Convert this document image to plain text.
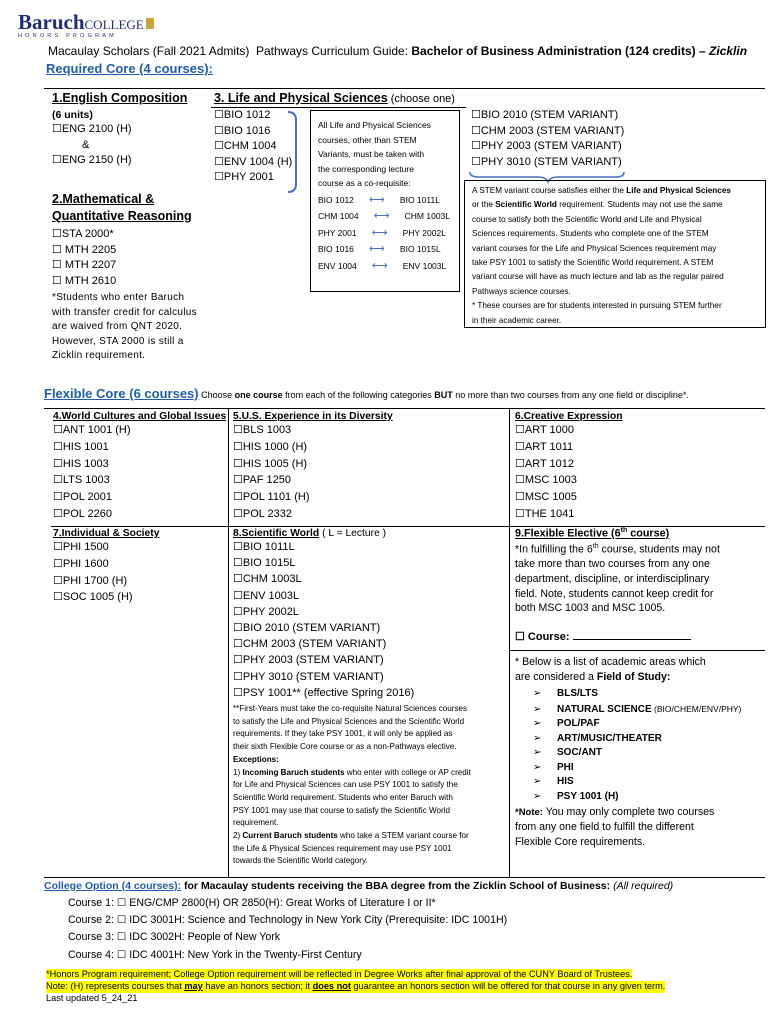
BaruchCOLLEGE
HONORS PROGRAM
Macaulay Scholars (Fall 2021 Admits) Pathways Curriculum Guide: Bachelor of Business Administration (124 credits) – Zicklin
Required Core (4 courses):
1.English Composition
(6 units)
☐ENG 2100 (H)
&
☐ENG 2150 (H)
2.Mathematical &
Quantitative Reasoning
☐STA 2000*
☐ MTH 2205
☐ MTH 2207
☐ MTH 2610
*Students who enter Baruch
with transfer credit for calculus
are waived from QNT 2020.
However, STA 2000 is still a
Zicklin requirement.
3. Life and Physical Sciences (choose one)
☐BIO 1012
☐BIO 1016
☐CHM 1004
☐ENV 1004 (H)
☐PHY 2001
All Life and Physical Sciences
courses, other than STEM
Variants, must be taken with
the corresponding lecture
course as a co-requisite:
BIO 1012 ⟷ BIO 1011L
CHM 1004 ⟷ CHM 1003L
PHY 2001 ⟷ PHY 2002L
BIO 1016 ⟷ BIO 1015L
ENV 1004 ⟷ ENV 1003L
☐BIO 2010 (STEM VARIANT)
☐CHM 2003 (STEM VARIANT)
☐PHY 2003 (STEM VARIANT)
☐PHY 3010 (STEM VARIANT)
A STEM variant course satisfies either the Life and Physical Sciences
or the Scientific World requirement. Students may not use the same
course to satisfy both the Scientific World and Life and Physical
Sciences requirements. Students who complete one of the STEM
variant courses for the Life and Physical Sciences requirement may
take PSY 1001 to satisfy the Scientific World requirement. A STEM
variant course will have as much lecture and lab as the regular paired
Pathways science courses.
* These courses are for students interested in pursuing STEM further
in their academic career.
Flexible Core (6 courses) Choose one course from each of the following categories BUT no more than two courses from any one field or discipline*.
4.World Cultures and Global Issues
☐ANT 1001 (H)
☐HIS 1001
☐HIS 1003
☐LTS 1003
☐POL 2001
☐POL 2260
5.U.S. Experience in its Diversity
☐BLS 1003
☐HIS 1000 (H)
☐HIS 1005 (H)
☐PAF 1250
☐POL 1101 (H)
☐POL 2332
6.Creative Expression
☐ART 1000
☐ART 1011
☐ART 1012
☐MSC 1003
☐MSC 1005
☐THE 1041
7.Individual & Society
☐PHI 1500
☐PHI 1600
☐PHI 1700 (H)
☐SOC 1005 (H)
8.Scientific World ( L = Lecture )
☐BIO 1011L
☐BIO 1015L
☐CHM 1003L
☐ENV 1003L
☐PHY 2002L
☐BIO 2010 (STEM VARIANT)
☐CHM 2003 (STEM VARIANT)
☐PHY 2003 (STEM VARIANT)
☐PHY 3010 (STEM VARIANT)
☐PSY 1001** (effective Spring 2016)
**First-Years must take the co-requisite Natural Sciences courses
to satisfy the Life and Physical Sciences and the Scientific World
requirements. If they take PSY 1001, it will only be applied as
their sixth Flexible Core course or as a non-Pathways elective.
Exceptions:
1) Incoming Baruch students who enter with college or AP credit
for Life and Physical Sciences can use PSY 1001 to satisfy the
Scientific World requirement. Students who enter Baruch with
PSY 1001 may use that course to satisfy the Scientific World
requirement.
2) Current Baruch students who take a STEM variant course for
the Life & Physical Sciences requirement may use PSY 1001
towards the Scientific World category.
9.Flexible Elective (6th course)
*In fulfilling the 6th course, students may not
take more than two courses from any one
department, discipline, or interdisciplinary
field. Note, students cannot keep credit for
both MSC 1003 and MSC 1005.
☐ Course:
* Below is a list of academic areas which
are considered a Field of Study:
➢ BLS/LTS
➢ NATURAL SCIENCE (BIO/CHEM/ENV/PHY)
➢ POL/PAF
➢ ART/MUSIC/THEATER
➢ SOC/ANT
➢ PHI
➢ HIS
➢ PSY 1001 (H)
*Note: You may only complete two courses
from any one field to fulfill the different
Flexible Core requirements.
College Option (4 courses): for Macaulay students receiving the BBA degree from the Zicklin School of Business: (All required)
Course 1: ☐ ENG/CMP 2800(H) OR 2850(H): Great Works of Literature I or II*
Course 2: ☐ IDC 3001H: Science and Technology in New York City (Prerequisite: IDC 1001H)
Course 3: ☐ IDC 3002H: People of New York
Course 4: ☐ IDC 4001H: New York in the Twenty-First Century
*Honors Program requirement; College Option requirement will be reflected in Degree Works after final approval of the CUNY Board of Trustees.
Note: (H) represents courses that may have an honors section; it does not guarantee an honors section will be offered for that course in any given term.
Last updated 5_24_21
